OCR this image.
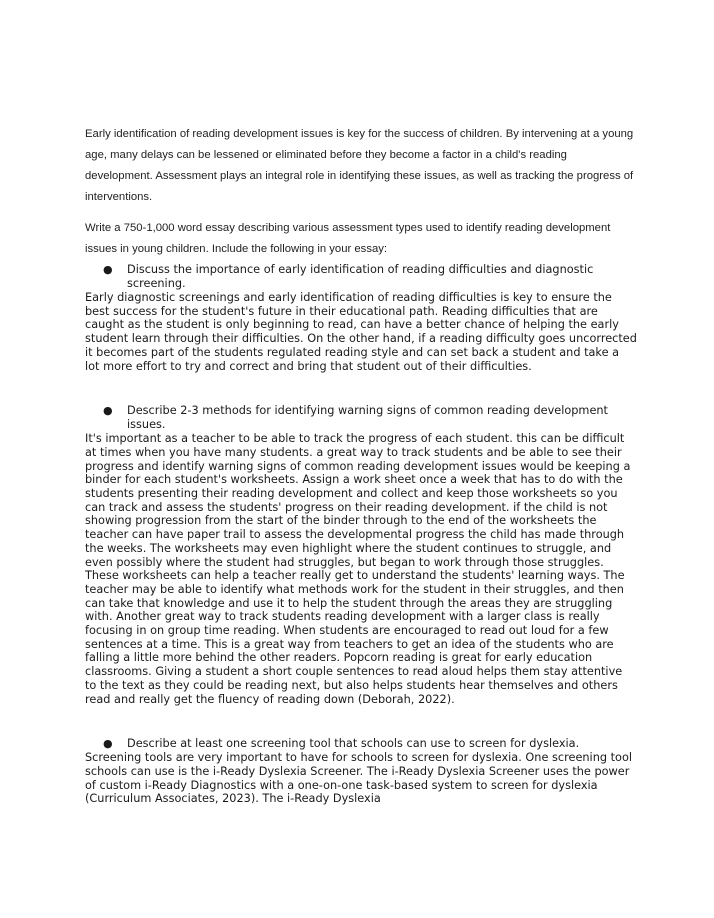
Early identification of reading development issues is key for the success of children. By intervening at a young age, many delays can be lessened or eliminated before they become a factor in a child's reading development. Assessment plays an integral role in identifying these issues, as well as tracking the progress of interventions.

Write a 750-1,000 word essay describing various assessment types used to identify reading development issues in young children. Include the following in your essay:

●	Discuss the importance of early identification of reading difficulties and diagnostic screening.

Early diagnostic screenings and early identification of reading difficulties is key to ensure the best success for the student's future in their educational path. Reading difficulties that are caught as the student is only beginning to read, can have a better chance of helping the early student learn through their difficulties. On the other hand, if a reading difficulty goes uncorrected it becomes part of the students regulated reading style and can set back a student and take a lot more effort to try and correct and bring that student out of their difficulties.

●	Describe 2-3 methods for identifying warning signs of common reading development issues.

It's important as a teacher to be able to track the progress of each student. this can be difficult at times when you have many students. a great way to track students and be able to see their progress and identify warning signs of common reading development issues would be keeping a binder for each student's worksheets. Assign a work sheet once a week that has to do with the students presenting their reading development and collect and keep those worksheets so you can track and assess the students' progress on their reading development. if the child is not showing progression from the start of the binder through to the end of the worksheets the teacher can have paper trail to assess the developmental progress the child has made through the weeks. The worksheets may even highlight where the student continues to struggle, and even possibly where the student had struggles, but began to work through those struggles. These worksheets can help a teacher really get to understand the students' learning ways. The teacher may be able to identify what methods work for the student in their struggles, and then can take that knowledge and use it to help the student through the areas they are struggling with. Another great way to track students reading development with a larger class is really focusing in on group time reading. When students are encouraged to read out loud for a few sentences at a time. This is a great way from teachers to get an idea of the students who are falling a little more behind the other readers. Popcorn reading is great for early education classrooms. Giving a student a short couple sentences to read aloud helps them stay attentive to the text as they could be reading next, but also helps students hear themselves and others read and really get the fluency of reading down (Deborah, 2022).

●	Describe at least one screening tool that schools can use to screen for dyslexia.

Screening tools are very important to have for schools to screen for dyslexia. One screening tool schools can use is the i-Ready Dyslexia Screener. The i-Ready Dyslexia Screener uses the power of custom i-Ready Diagnostics with a one-on-one task-based system to screen for dyslexia (Curriculum Associates, 2023). The i-Ready Dyslexia
